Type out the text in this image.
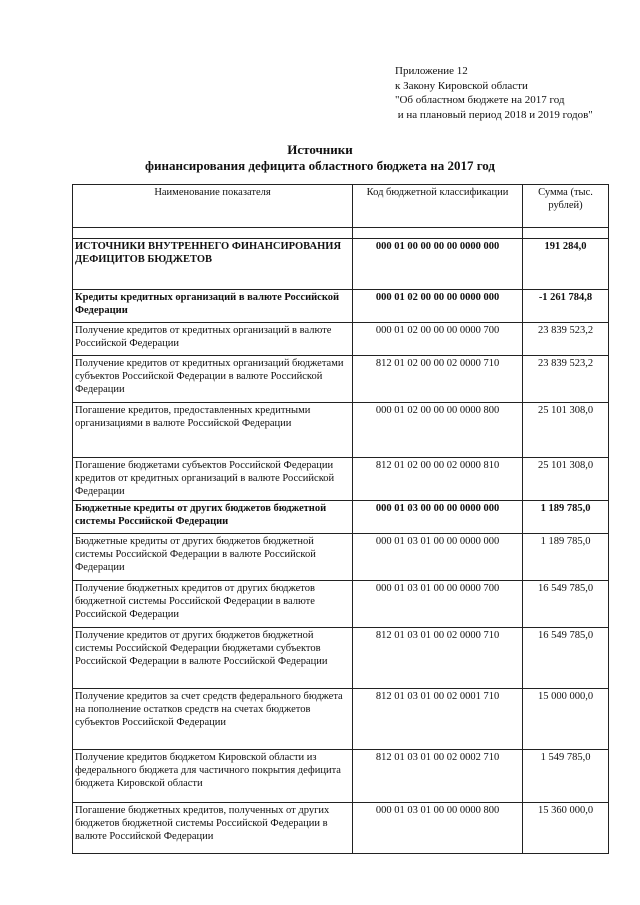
Приложение 12
к Закону Кировской области
"Об областном бюджете на 2017 год
и на плановый период 2018 и 2019 годов"
Источники
финансирования дефицита областного бюджета на 2017 год
Наименование показателя	Код бюджетной классификации	Сумма (тыс. рублей)

ИСТОЧНИКИ ВНУТРЕННЕГО ФИНАНСИРОВАНИЯ ДЕФИЦИТОВ БЮДЖЕТОВ	000 01 00 00 00 00 0000 000	191 284,0
Кредиты кредитных организаций в валюте Российской Федерации	000 01 02 00 00 00 0000 000	-1 261 784,8
Получение кредитов от кредитных организаций в валюте Российской Федерации	000 01 02 00 00 00 0000 700	23 839 523,2
Получение кредитов от кредитных организаций бюджетами субъектов Российской Федерации в валюте Российской Федерации	812 01 02 00 00 02 0000 710	23 839 523,2
Погашение кредитов, предоставленных кредитными организациями в валюте Российской Федерации	000 01 02 00 00 00 0000 800	25 101 308,0
Погашение бюджетами субъектов Российской Федерации кредитов от кредитных организаций в валюте Российской Федерации	812 01 02 00 00 02 0000 810	25 101 308,0
Бюджетные кредиты от других бюджетов бюджетной системы Российской Федерации	000 01 03 00 00 00 0000 000	1 189 785,0
Бюджетные кредиты от других бюджетов бюджетной системы Российской Федерации в валюте Российской Федерации	000 01 03 01 00 00 0000 000	1 189 785,0
Получение бюджетных кредитов от других бюджетов бюджетной системы Российской Федерации в валюте Российской Федерации	000 01 03 01 00 00 0000 700	16 549 785,0
Получение кредитов от других бюджетов бюджетной системы Российской Федерации бюджетами субъектов Российской Федерации в валюте Российской Федерации	812 01 03 01 00 02 0000 710	16 549 785,0
Получение кредитов за счет средств федерального бюджета на пополнение остатков средств на счетах бюджетов субъектов Российской Федерации	812 01 03 01 00 02 0001 710	15 000 000,0
Получение кредитов бюджетом Кировской области из федерального бюджета для частичного покрытия дефицита бюджета Кировской области	812 01 03 01 00 02 0002 710	1 549 785,0
Погашение бюджетных кредитов, полученных от других бюджетов бюджетной системы Российской Федерации в валюте Российской Федерации	000 01 03 01 00 00 0000 800	15 360 000,0
